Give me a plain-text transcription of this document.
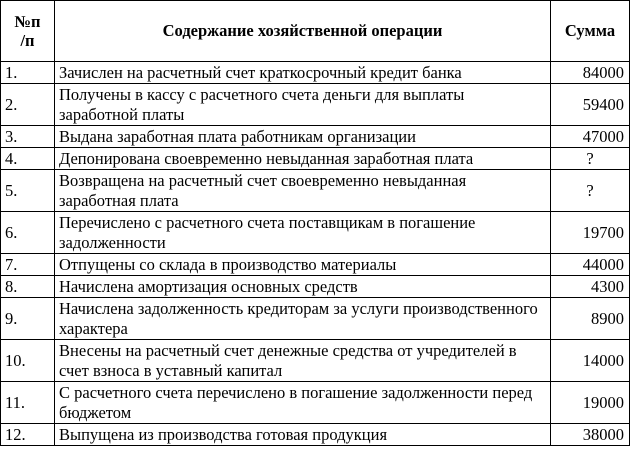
№п
/п	Содержание хозяйственной операции	Сумма
1.	Зачислен на расчетный счет краткосрочный кредит банка	84000
2.	Получены в кассу с расчетного счета деньги для выплаты заработной платы	59400
3.	Выдана заработная плата работникам организации	47000
4.	Депонирована своевременно невыданная заработная плата	?
5.	Возвращена на расчетный счет своевременно невыданная заработная плата	?
6.	Перечислено с расчетного счета поставщикам в погашение задолженности	19700
7.	Отпущены со склада в производство материалы	44000
8.	Начислена амортизация основных средств	4300
9.	Начислена задолженность кредиторам за услуги производственного характера	8900
10.	Внесены на расчетный счет денежные средства от учредителей в счет взноса в уставный капитал	14000
11.	С расчетного счета перечислено в погашение задолженности перед бюджетом	19000
12.	Выпущена из производства готовая продукция	38000
